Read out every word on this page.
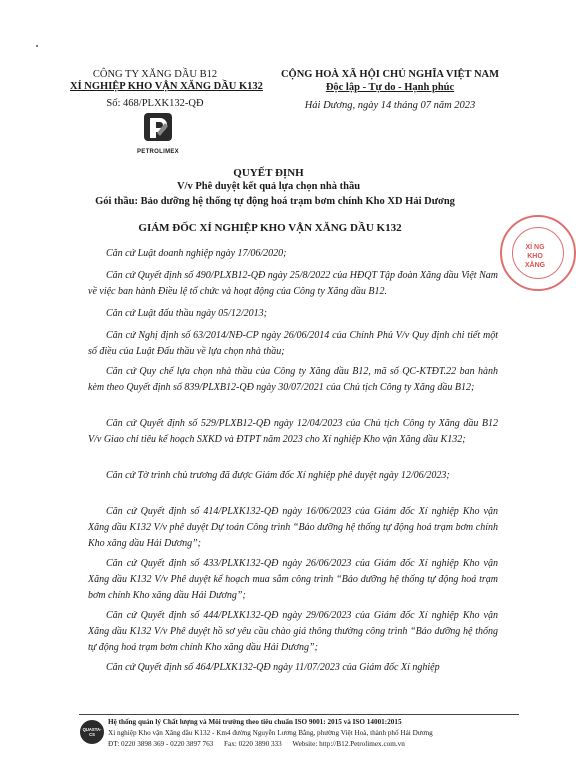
CÔNG TY XĂNG DẦU B12
XÍ NGHIỆP KHO VẬN XĂNG DẦU K132
Số: 468/PLXK132-QĐ
PETROLIMEX
CỘNG HOÀ XÃ HỘI CHỦ NGHĨA VIỆT NAM
Độc lập - Tự do - Hạnh phúc
Hải Dương, ngày 14 tháng 07 năm 2023
QUYẾT ĐỊNH
V/v Phê duyệt kết quả lựa chọn nhà thầu
Gói thầu: Bảo dưỡng hệ thống tự động hoá trạm bơm chính Kho XD Hải Dương
GIÁM ĐỐC XÍ NGHIỆP KHO VẬN XĂNG DẦU K132

Căn cứ Luật doanh nghiệp ngày 17/06/2020;

Căn cứ Quyết định số 490/PLXB12-QĐ ngày 25/8/2022 của HĐQT Tập đoàn Xăng dầu Việt Nam về việc ban hành Điều lệ tổ chức và hoạt động của Công ty Xăng dầu B12.

Căn cứ Luật đấu thầu ngày 05/12/2013;

Căn cứ Nghị định số 63/2014/NĐ-CP ngày 26/06/2014 của Chính Phủ V/v Quy định chi tiết một số điều của Luật Đấu thầu về lựa chọn nhà thầu;

Căn cứ Quy chế lựa chọn nhà thầu của Công ty Xăng dầu B12, mã số QC-KTĐT.22 ban hành kèm theo Quyết định số 839/PLXB12-QĐ ngày 30/07/2021 của Chủ tịch Công ty Xăng dầu B12;

Căn cứ Quyết định số 529/PLXB12-QĐ ngày 12/04/2023 của Chủ tịch Công ty Xăng dầu B12 V/v Giao chỉ tiêu kế hoạch SXKD và ĐTPT năm 2023 cho Xí nghiệp Kho vận Xăng dầu K132;

Căn cứ Tờ trình chủ trương đã được Giám đốc Xí nghiệp phê duyệt ngày 12/06/2023;

Căn cứ Quyết định số 414/PLXK132-QĐ ngày 16/06/2023 của Giám đốc Xí nghiệp Kho vận Xăng dầu K132 V/v phê duyệt Dự toán Công trình “Bảo dưỡng hệ thống tự động hoá trạm bơm chính Kho xăng dầu Hải Dương”;

Căn cứ Quyết định số 433/PLXK132-QĐ ngày 26/06/2023 của Giám đốc Xí nghiệp Kho vận Xăng dầu K132 V/v Phê duyệt kế hoạch mua sắm công trình “Bảo dưỡng hệ thống tự động hoá trạm bơm chính Kho xăng dầu Hải Dương”;

Căn cứ Quyết định số 444/PLXK132-QĐ ngày 29/06/2023 của Giám đốc Xí nghiệp Kho vận Xăng dầu K132 V/v Phê duyệt hồ sơ yêu cầu chào giá thông thường công trình “Bảo dưỡng hệ thống tự động hoá trạm bơm chính Kho xăng dầu Hải Dương”;

Căn cứ Quyết định số 464/PLXK132-QĐ ngày 11/07/2023 của Giám đốc Xí nghiệp

XÍ NG KHO XĂNG
QUASTA-CS
Hệ thống quản lý Chất lượng và Môi trường theo tiêu chuẩn ISO 9001: 2015 và ISO 14001:2015
Xí nghiệp Kho vận Xăng dầu K132 - Km4 đường Nguyễn Lương Bằng, phường Việt Hoà, thành phố Hải Dương
ĐT: 0220 3898 369 - 0220 3897 763      Fax: 0220 3890 333      Website: http://B12.Petrolimex.com.vn
